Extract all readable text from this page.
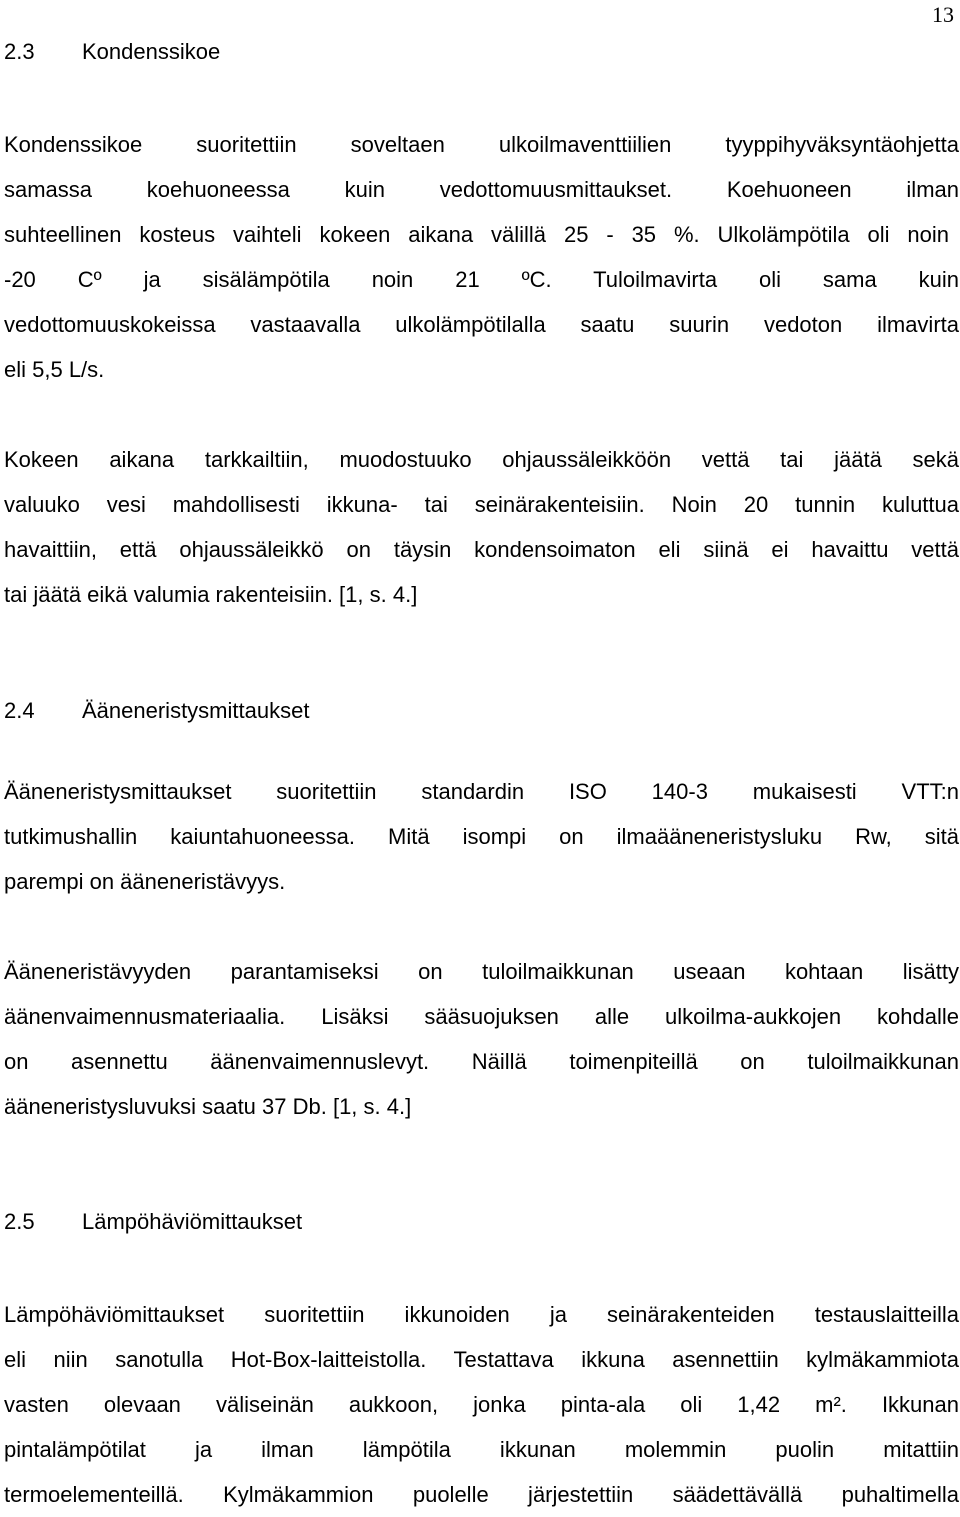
13
2.3 Kondenssikoe
Kondenssikoe suoritettiin soveltaen ulkoilmaventtiilien tyyppihyväksyntäohjetta
samassa koehuoneessa kuin vedottomuusmittaukset. Koehuoneen ilman
suhteellinen kosteus vaihteli kokeen aikana välillä 25 - 35 %. Ulkolämpötila oli noin
-20 Cº ja sisälämpötila noin 21 ºC. Tuloilmavirta oli sama kuin
vedottomuuskokeissa vastaavalla ulkolämpötilalla saatu suurin vedoton ilmavirta
eli 5,5 L/s.
Kokeen aikana tarkkailtiin, muodostuuko ohjaussäleikköön vettä tai jäätä sekä
valuuko vesi mahdollisesti ikkuna- tai seinärakenteisiin. Noin 20 tunnin kuluttua
havaittiin, että ohjaussäleikkö on täysin kondensoimaton eli siinä ei havaittu vettä
tai jäätä eikä valumia rakenteisiin. [1, s. 4.]
2.4 Ääneneristysmittaukset
Ääneneristysmittaukset suoritettiin standardin ISO 140-3 mukaisesti VTT:n
tutkimushallin kaiuntahuoneessa. Mitä isompi on ilmaääneneristysluku Rw, sitä
parempi on ääneneristävyys.
Ääneneristävyyden parantamiseksi on tuloilmaikkunan useaan kohtaan lisätty
äänenvaimennusmateriaalia. Lisäksi sääsuojuksen alle ulkoilma-aukkojen kohdalle
on asennettu äänenvaimennuslevyt. Näillä toimenpiteillä on tuloilmaikkunan
ääneneristysluvuksi saatu 37 Db. [1, s. 4.]
2.5 Lämpöhäviömittaukset
Lämpöhäviömittaukset suoritettiin ikkunoiden ja seinärakenteiden testauslaitteilla
eli niin sanotulla Hot-Box-laitteistolla. Testattava ikkuna asennettiin kylmäkammiota
vasten olevaan väliseinän aukkoon, jonka pinta-ala oli 1,42 m². Ikkunan
pintalämpötilat ja ilman lämpötila ikkunan molemmin puolin mitattiin
termoelementeillä. Kylmäkammion puolelle järjestettiin säädettävällä puhaltimella
